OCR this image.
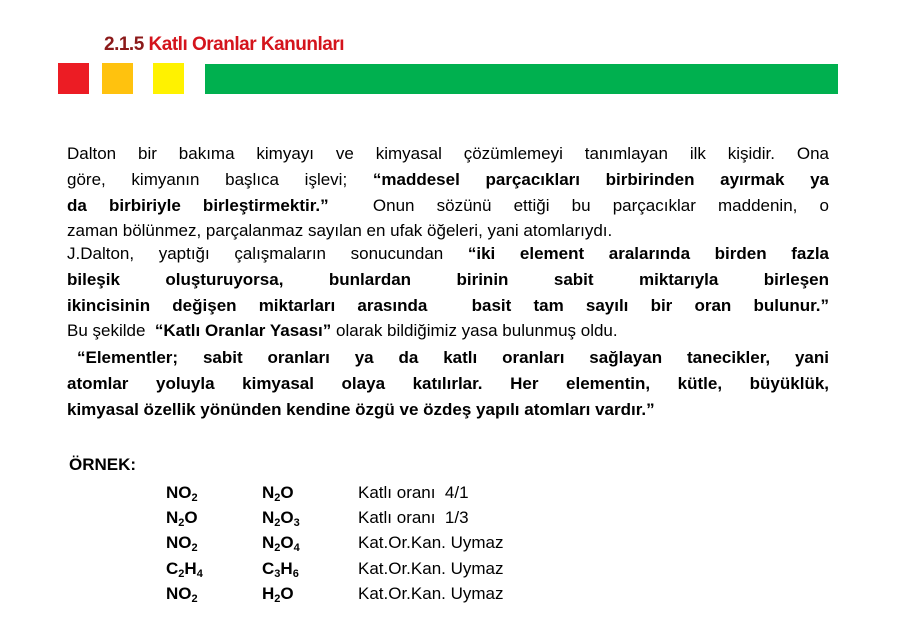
2.1.5 Katlı Oranlar Kanunları
Dalton bir bakıma kimyayı ve kimyasal çözümlemeyi tanımlayan ilk kişidir. Ona
göre, kimyanın başlıca işlevi; “maddesel parçacıkları birbirinden ayırmak ya
da birbiriyle birleştirmektir.”  Onun sözünü ettiği bu parçacıklar maddenin, o
zaman bölünmez, parçalanmaz sayılan en ufak öğeleri, yani atomlarıydı.
J.Dalton, yaptığı çalışmaların sonucundan “iki element aralarında birden fazla
bileşik oluşturuyorsa, bunlardan birinin sabit miktarıyla birleşen
ikincisinin değişen miktarları arasında  basit tam sayılı bir oran bulunur.”
Bu şekilde  “Katlı Oranlar Yasası” olarak bildiğimiz yasa bulunmuş oldu.
“Elementler; sabit oranları ya da katlı oranları sağlayan tanecikler, yani
atomlar yoluyla kimyasal olaya katılırlar. Her elementin, kütle, büyüklük,
kimyasal özellik yönünden kendine özgü ve özdeş yapılı atomları vardır.”
ÖRNEK:
$NO_2$	$N_2O$	Katlı oranı  4/1
$N_2O$	$N_2O_3$	Katlı oranı  1/3
$NO_2$	$N_2O_4$	Kat.Or.Kan. Uymaz
$C_2H_4$	$C_3H_6$	Kat.Or.Kan. Uymaz
$NO_2$	$H_2O$	Kat.Or.Kan. Uymaz
